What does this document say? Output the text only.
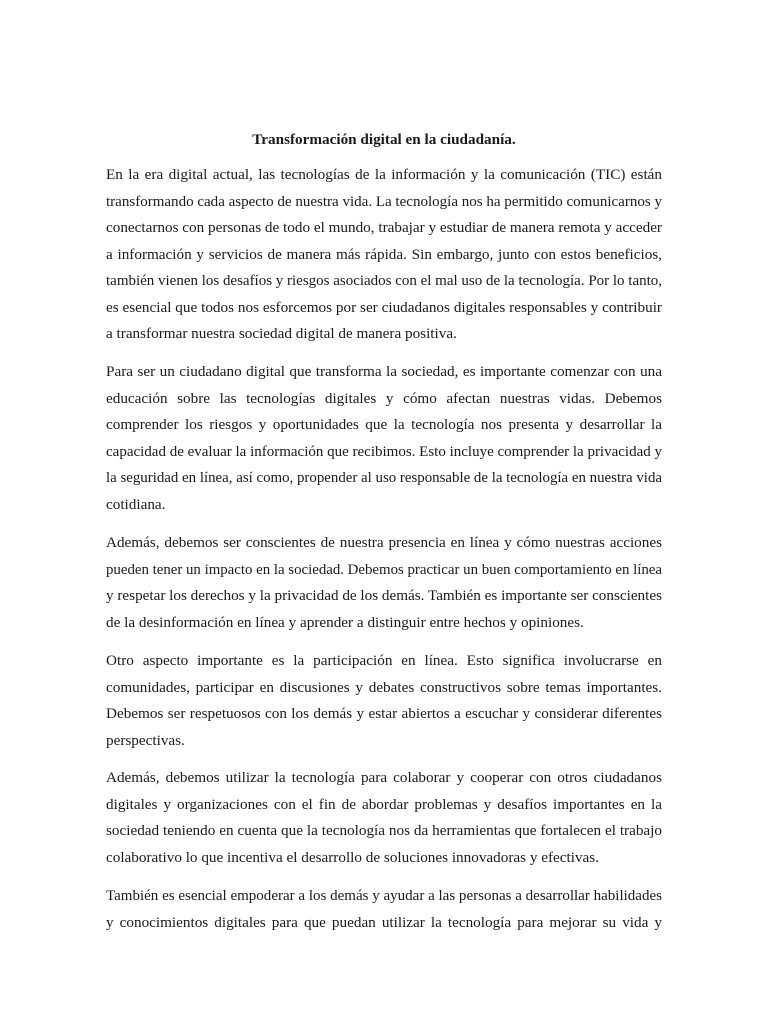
Transformación digital en la ciudadanía.
En la era digital actual, las tecnologías de la información y la comunicación (TIC) están
transformando cada aspecto de nuestra vida. La tecnología nos ha permitido comunicarnos y
conectarnos con personas de todo el mundo, trabajar y estudiar de manera remota y acceder
a información y servicios de manera más rápida. Sin embargo, junto con estos beneficios,
también vienen los desafíos y riesgos asociados con el mal uso de la tecnología. Por lo tanto,
es esencial que todos nos esforcemos por ser ciudadanos digitales responsables y contribuir
a transformar nuestra sociedad digital de manera positiva.
Para ser un ciudadano digital que transforma la sociedad, es importante comenzar con una
educación sobre las tecnologías digitales y cómo afectan nuestras vidas. Debemos
comprender los riesgos y oportunidades que la tecnología nos presenta y desarrollar la
capacidad de evaluar la información que recibimos. Esto incluye comprender la privacidad y
la seguridad en línea, así como, propender al uso responsable de la tecnología en nuestra vida
cotidiana.
Además, debemos ser conscientes de nuestra presencia en línea y cómo nuestras acciones
pueden tener un impacto en la sociedad. Debemos practicar un buen comportamiento en línea
y respetar los derechos y la privacidad de los demás. También es importante ser conscientes
de la desinformación en línea y aprender a distinguir entre hechos y opiniones.
Otro aspecto importante es la participación en línea. Esto significa involucrarse en
comunidades, participar en discusiones y debates constructivos sobre temas importantes.
Debemos ser respetuosos con los demás y estar abiertos a escuchar y considerar diferentes
perspectivas.
Además, debemos utilizar la tecnología para colaborar y cooperar con otros ciudadanos
digitales y organizaciones con el fin de abordar problemas y desafíos importantes en la
sociedad teniendo en cuenta que la tecnología nos da herramientas que fortalecen el trabajo
colaborativo lo que incentiva el desarrollo de soluciones innovadoras y efectivas.
También es esencial empoderar a los demás y ayudar a las personas a desarrollar habilidades
y conocimientos digitales para que puedan utilizar la tecnología para mejorar su vida y
